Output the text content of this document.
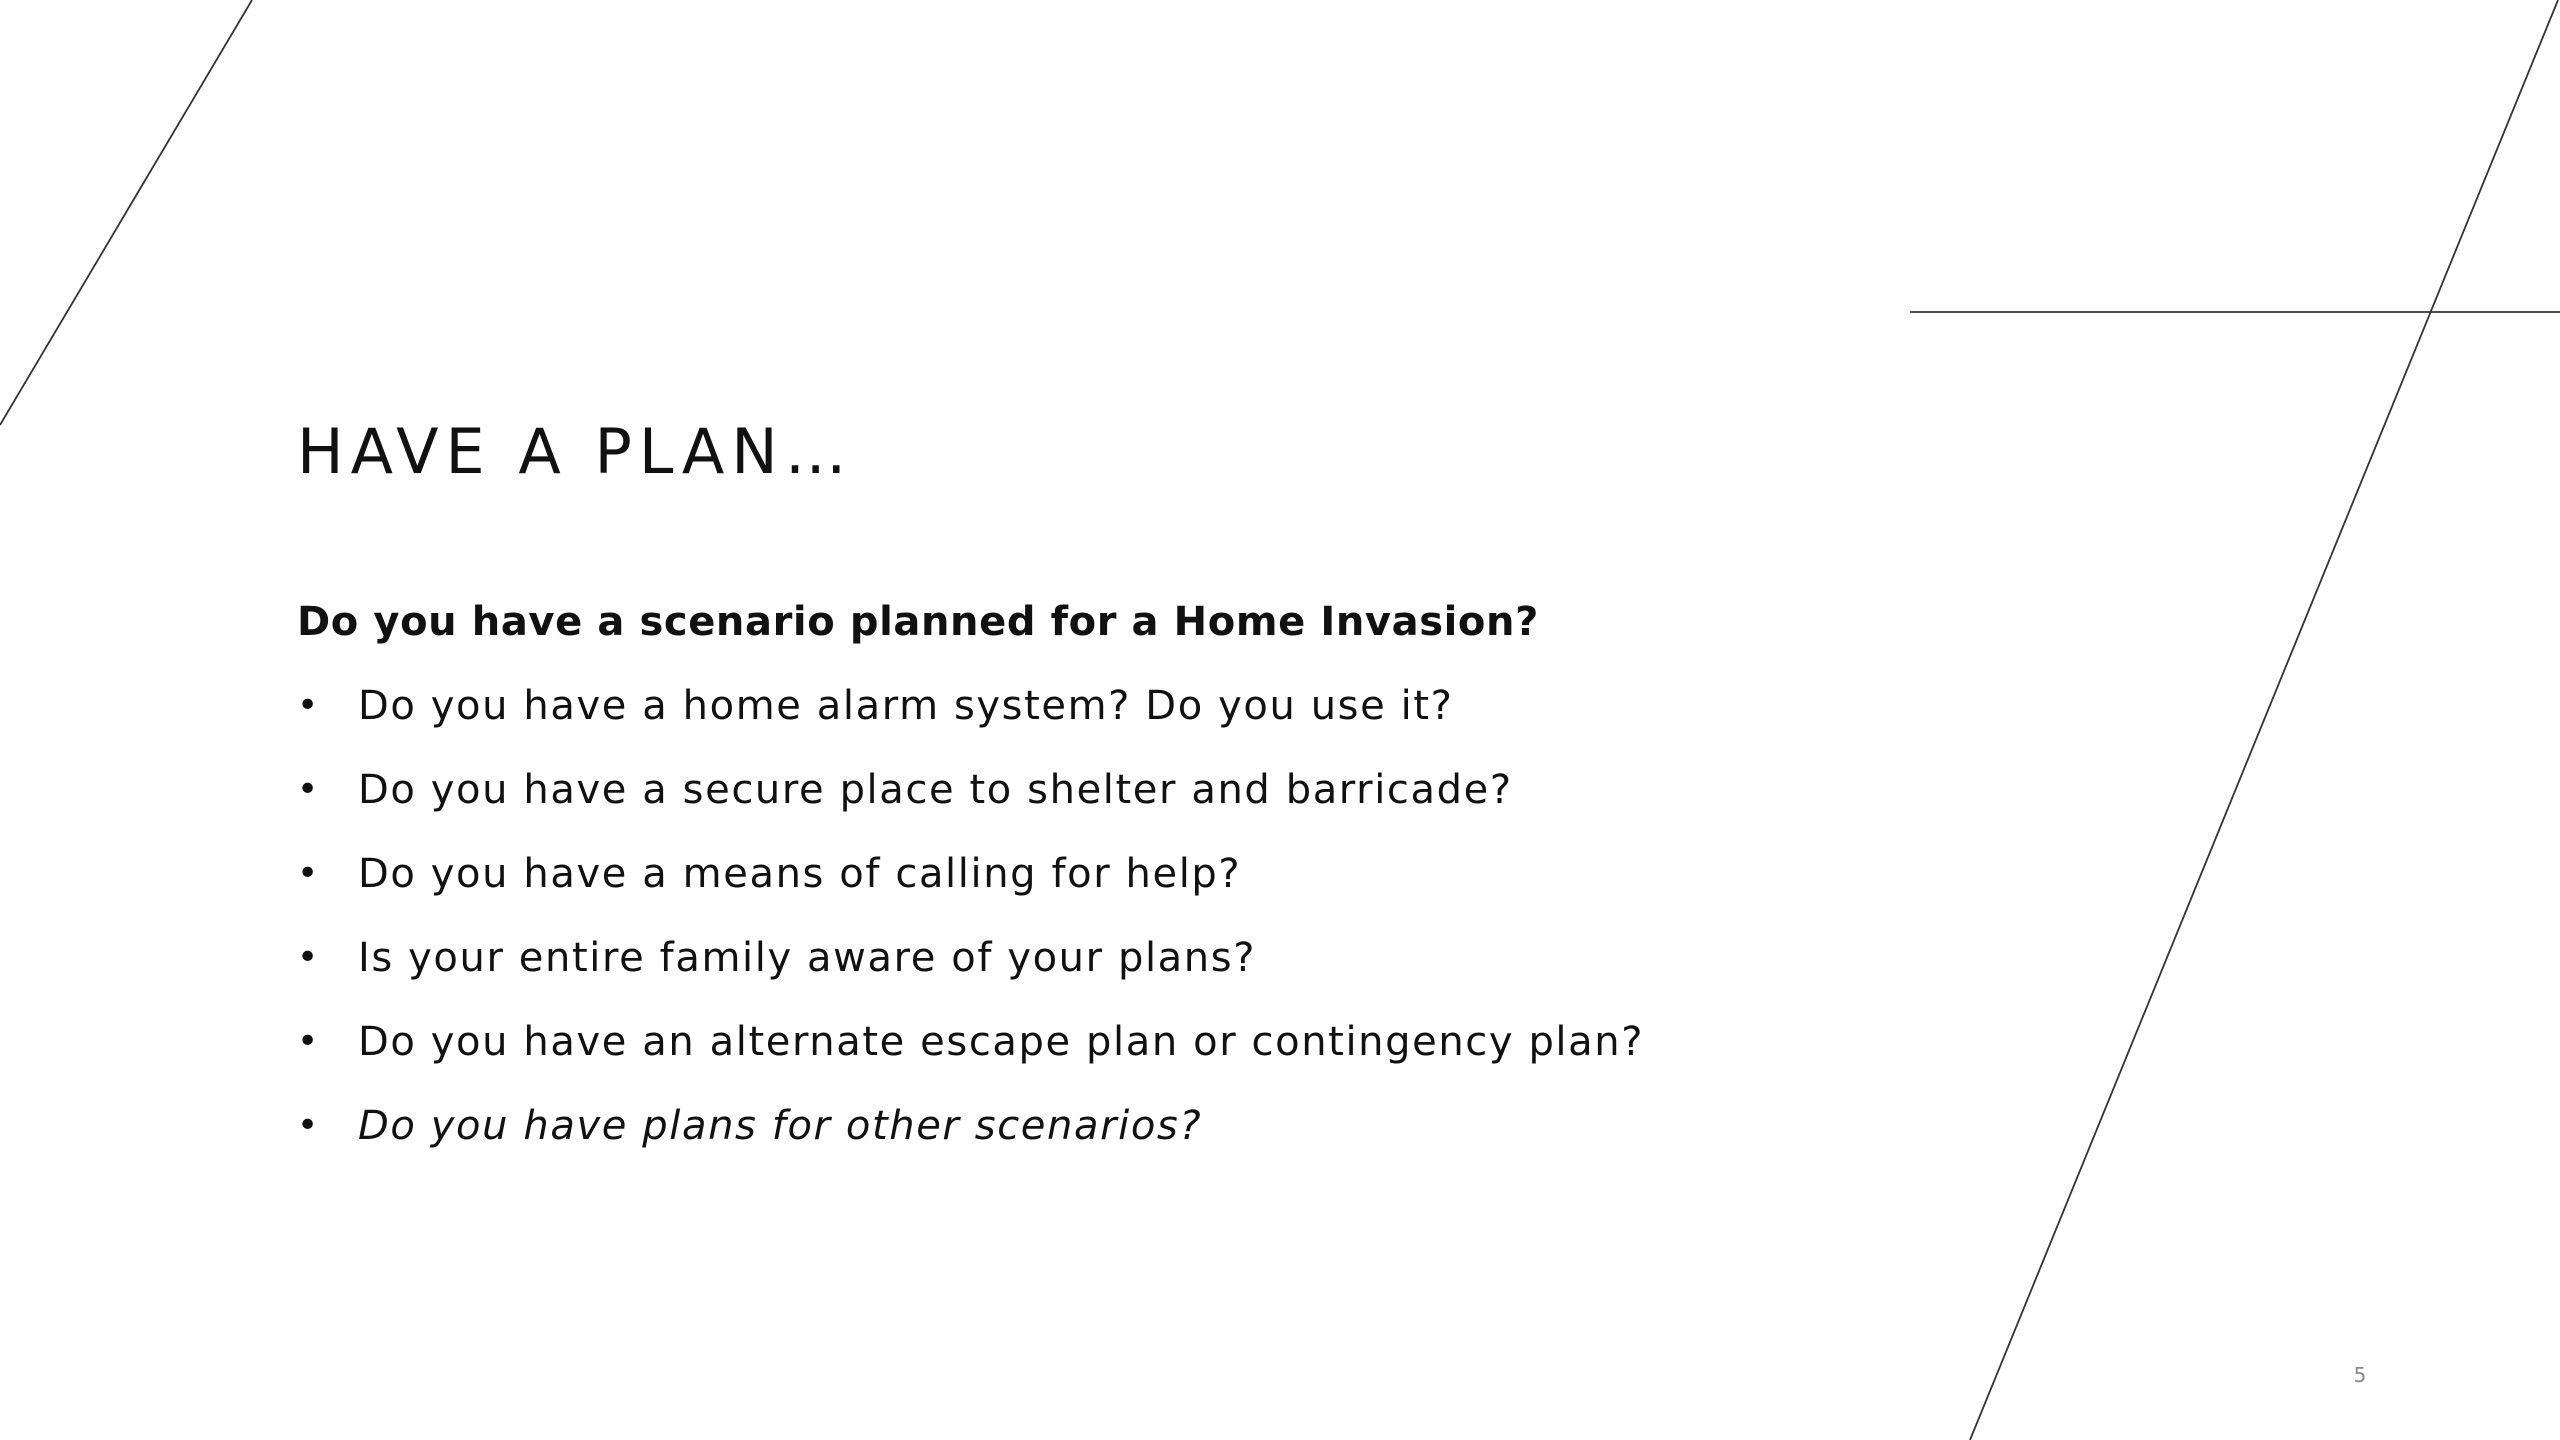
HAVE A PLAN…

Do you have a scenario planned for a Home Invasion?

• Do you have a home alarm system? Do you use it?
• Do you have a secure place to shelter and barricade?
• Do you have a means of calling for help?
• Is your entire family aware of your plans?
• Do you have an alternate escape plan or contingency plan?
• Do you have plans for other scenarios?
5
